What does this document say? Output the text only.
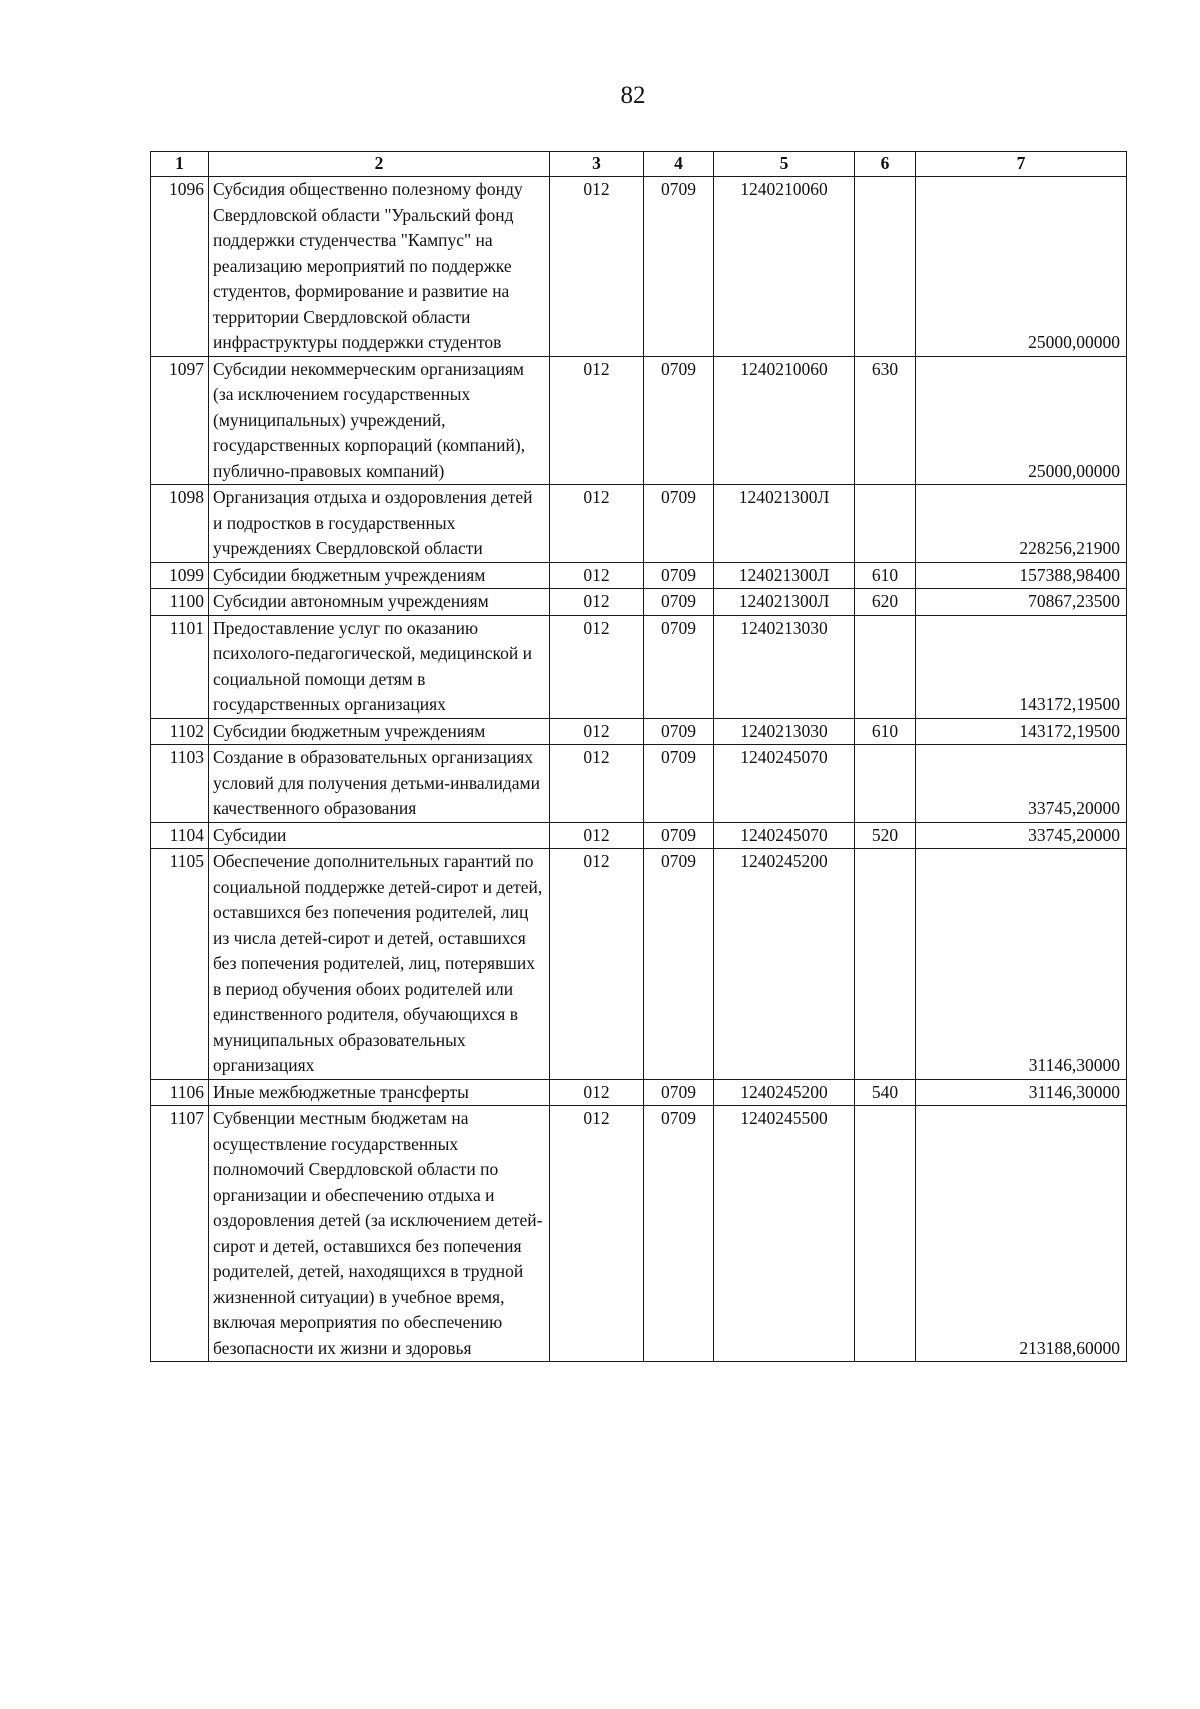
82
1	2	3	4	5	6	7
1096	Субсидия общественно полезному фонду Свердловской области "Уральский фонд поддержки студенчества "Кампус" на реализацию мероприятий по поддержке студентов, формирование и развитие на территории Свердловской области инфраструктуры поддержки студентов	012	0709	1240210060		25000,00000
1097	Субсидии некоммерческим организациям (за исключением государственных (муниципальных) учреждений, государственных корпораций (компаний), публично-правовых компаний)	012	0709	1240210060	630	25000,00000
1098	Организация отдыха и оздоровления детей и подростков в государственных учреждениях Свердловской области	012	0709	124021300Л		228256,21900
1099	Субсидии бюджетным учреждениям	012	0709	124021300Л	610	157388,98400
1100	Субсидии автономным учреждениям	012	0709	124021300Л	620	70867,23500
1101	Предоставление услуг по оказанию психолого-педагогической, медицинской и социальной помощи детям в государственных организациях	012	0709	1240213030		143172,19500
1102	Субсидии бюджетным учреждениям	012	0709	1240213030	610	143172,19500
1103	Создание в образовательных организациях условий для получения детьми-инвалидами качественного образования	012	0709	1240245070		33745,20000
1104	Субсидии	012	0709	1240245070	520	33745,20000
1105	Обеспечение дополнительных гарантий по социальной поддержке детей-сирот и детей, оставшихся без попечения родителей, лиц из числа детей-сирот и детей, оставшихся без попечения родителей, лиц, потерявших в период обучения обоих родителей или единственного родителя, обучающихся в муниципальных образовательных организациях	012	0709	1240245200		31146,30000
1106	Иные межбюджетные трансферты	012	0709	1240245200	540	31146,30000
1107	Субвенции местным бюджетам на осуществление государственных полномочий Свердловской области по организации и обеспечению отдыха и оздоровления детей (за исключением детей-сирот и детей, оставшихся без попечения родителей, детей, находящихся в трудной жизненной ситуации) в учебное время, включая мероприятия по обеспечению безопасности их жизни и здоровья	012	0709	1240245500		213188,60000
